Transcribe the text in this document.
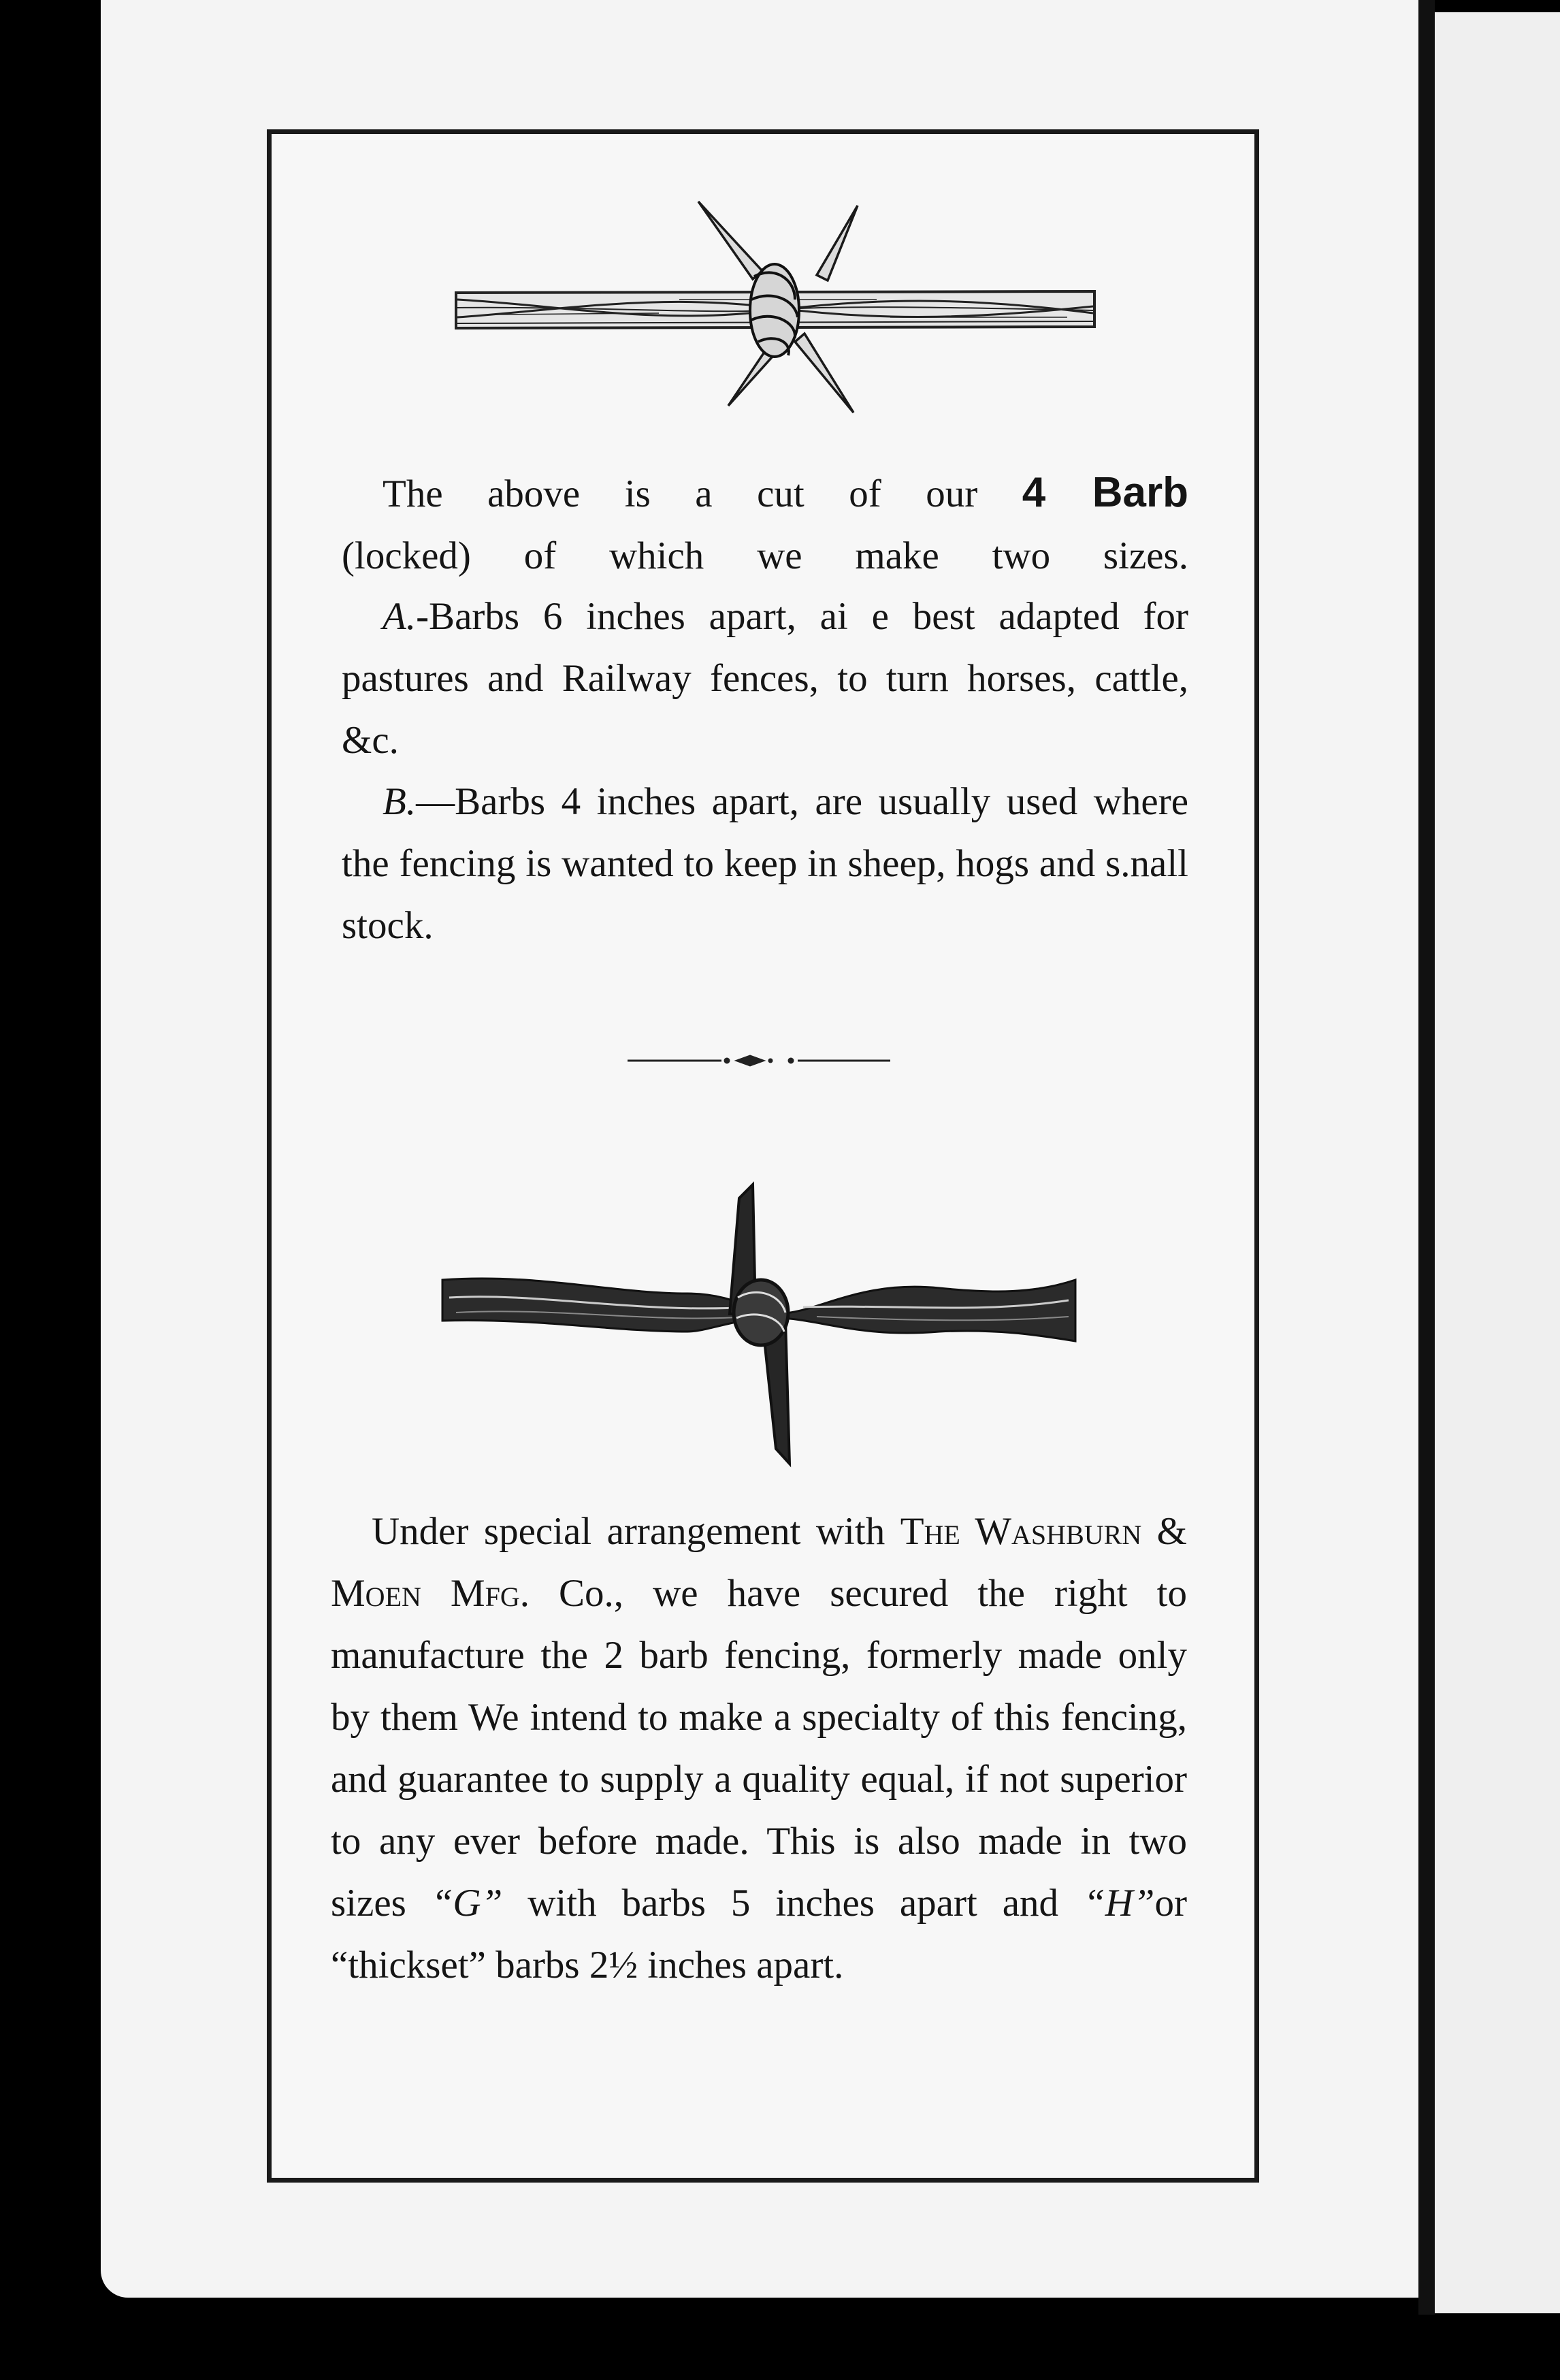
The above is a cut of our 4 Barb
(locked) of which we make two sizes.

A.-Barbs 6 inches apart, ai e best adapted for pastures and Railway fences, to turn horses, cattle, &c.

B.—Barbs 4 inches apart, are usually used where the fencing is wanted to keep in sheep, hogs and s.nall stock.

Under special arrangement with The Washburn & Moen Mfg. Co., we have secured the right to manufacture the 2 barb fencing, formerly made only by them We intend to make a specialty of this fencing, and guarantee to supply a quality equal, if not superior to any ever before made. This is also made in two sizes “G” with barbs 5 inches apart and “H”or “thickset” barbs 2½ inches apart.
